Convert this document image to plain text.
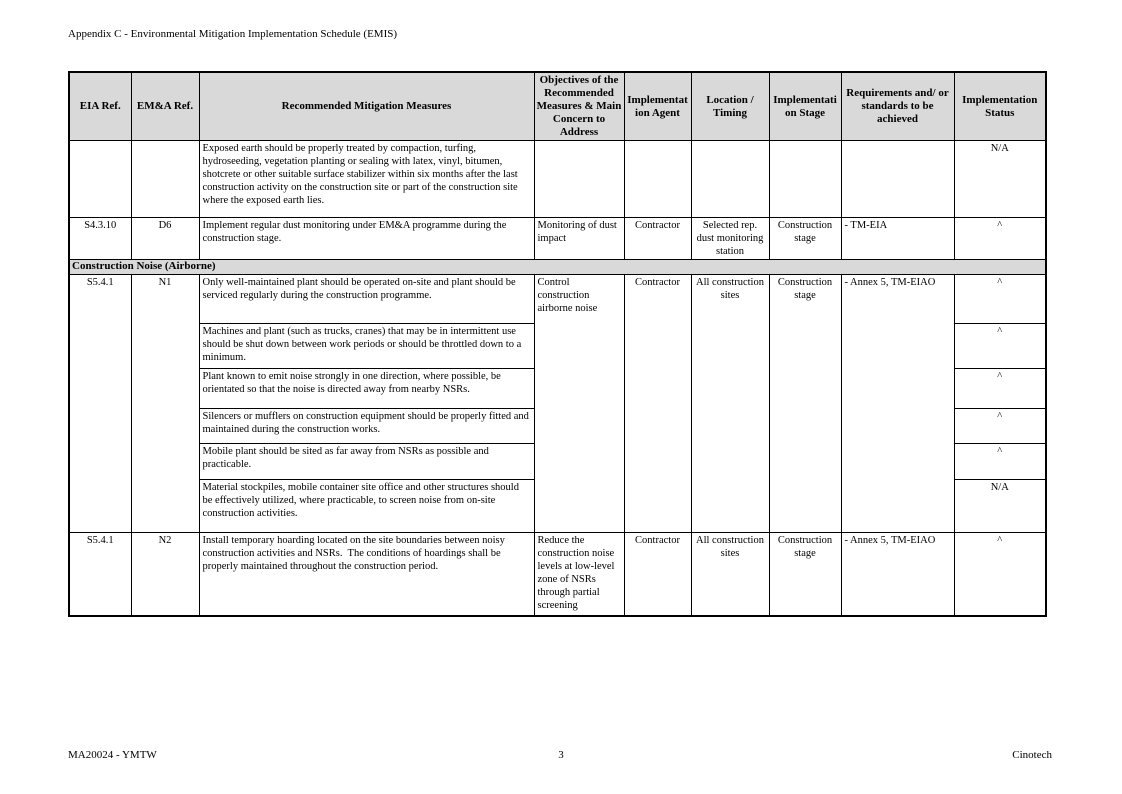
Appendix C - Environmental Mitigation Implementation Schedule (EMIS)
EIA Ref.	EM&A Ref.	Recommended Mitigation Measures	Objectives of the Recommended Measures & Main Concern to Address	Implementation Agent	Location / Timing	Implementation Stage	Requirements and/ or standards to be achieved	Implementation Status
		Exposed earth should be properly treated by compaction, turfing, hydroseeding, vegetation planting or sealing with latex, vinyl, bitumen, shotcrete or other suitable surface stabilizer within six months after the last construction activity on the construction site or part of the construction site where the exposed earth lies.						N/A
S4.3.10	D6	Implement regular dust monitoring under EM&A programme during the construction stage.	Monitoring of dust impact	Contractor	Selected rep. dust monitoring station	Construction stage	- TM-EIA	^
Construction Noise (Airborne)								
S5.4.1	N1	Only well-maintained plant should be operated on-site and plant should be serviced regularly during the construction programme.	Control construction airborne noise	Contractor	All construction sites	Construction stage	- Annex 5, TM-EIAO	^
		Machines and plant (such as trucks, cranes) that may be in intermittent use should be shut down between work periods or should be throttled down to a minimum.						^
		Plant known to emit noise strongly in one direction, where possible, be orientated so that the noise is directed away from nearby NSRs.						^
		Silencers or mufflers on construction equipment should be properly fitted and maintained during the construction works.						^
		Mobile plant should be sited as far away from NSRs as possible and practicable.						^
		Material stockpiles, mobile container site office and other structures should be effectively utilized, where practicable, to screen noise from on-site construction activities.						N/A
S5.4.1	N2	Install temporary hoarding located on the site boundaries between noisy construction activities and NSRs.  The conditions of hoardings shall be properly maintained throughout the construction period.	Reduce the construction noise levels at low-level zone of NSRs through partial screening	Contractor	All construction sites	Construction stage	- Annex 5, TM-EIAO	^
MA20024 - YMTW	3	Cinotech
